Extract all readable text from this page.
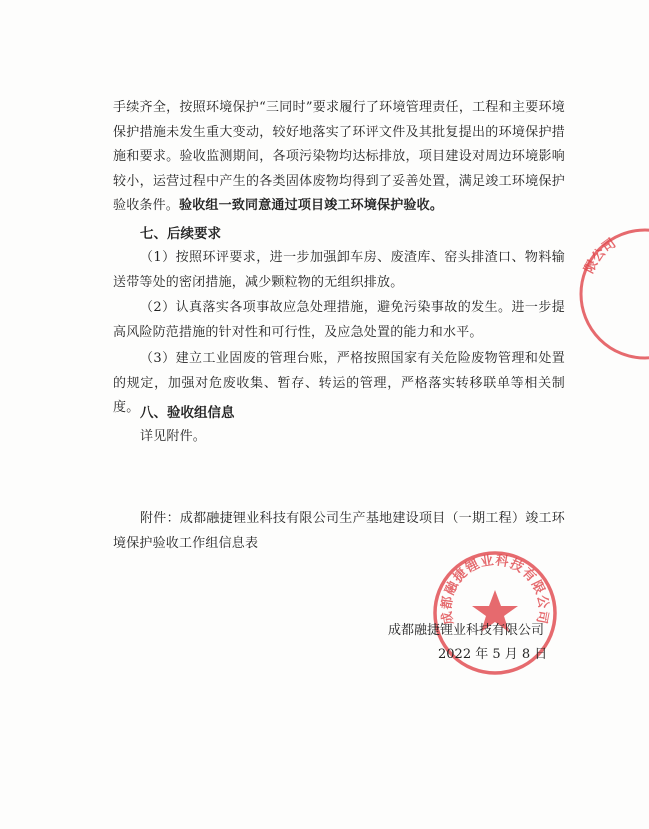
手续齐全，按照环境保护“三同时”要求履行了环境管理责任，工程和主要环境保护措施未发生重大变动，较好地落实了环评文件及其批复提出的环境保护措施和要求。验收监测期间，各项污染物均达标排放，项目建设对周边环境影响较小，运营过程中产生的各类固体废物均得到了妥善处置，满足竣工环境保护验收条件。验收组一致同意通过项目竣工环境保护验收。
七、后续要求
（1）按照环评要求，进一步加强卸车房、废渣库、窑头排渣口、物料输送带等处的密闭措施，减少颗粒物的无组织排放。
（2）认真落实各项事故应急处理措施，避免污染事故的发生。进一步提高风险防范措施的针对性和可行性，及应急处置的能力和水平。
（3）建立工业固废的管理台账，严格按照国家有关危险废物管理和处置的规定，加强对危废收集、暂存、转运的管理，严格落实转移联单等相关制度。 八、验收组信息
详见附件。
附件：成都融捷锂业科技有限公司生产基地建设项目（一期工程）竣工环境保护验收工作组信息表
成都融捷锂业科技有限公司
限公司
成都融捷锂业科技有限公司
2022 年 5 月 8 日
